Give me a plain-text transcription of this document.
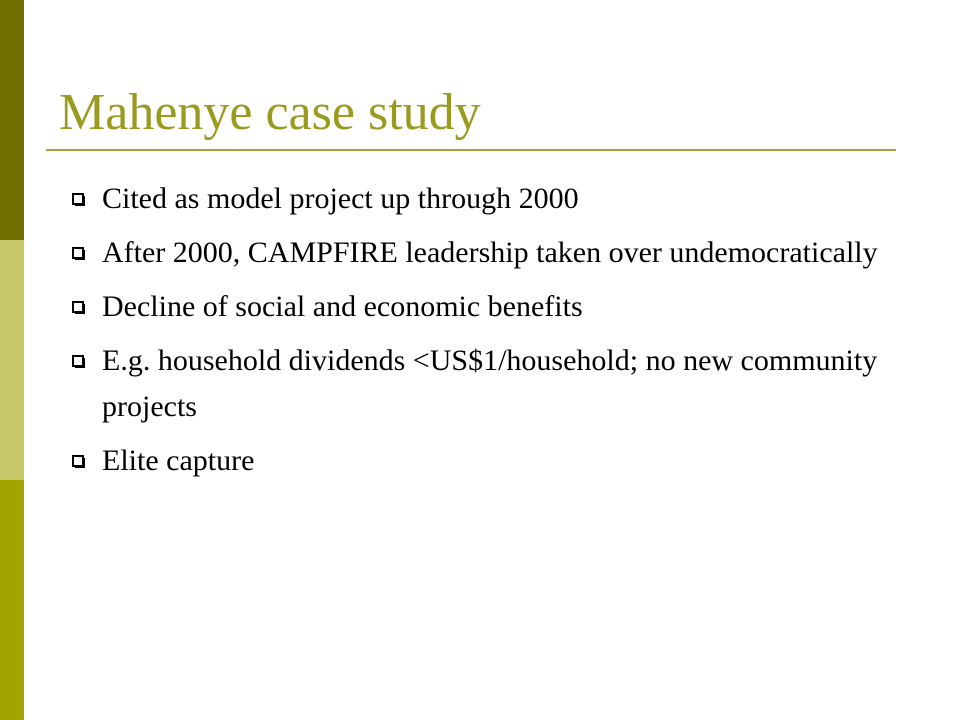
Mahenye case study
Cited as model project up through 2000
After 2000, CAMPFIRE leadership taken over undemocratically
Decline of social and economic benefits
E.g. household dividends <US$1/household; no new community projects
Elite capture
